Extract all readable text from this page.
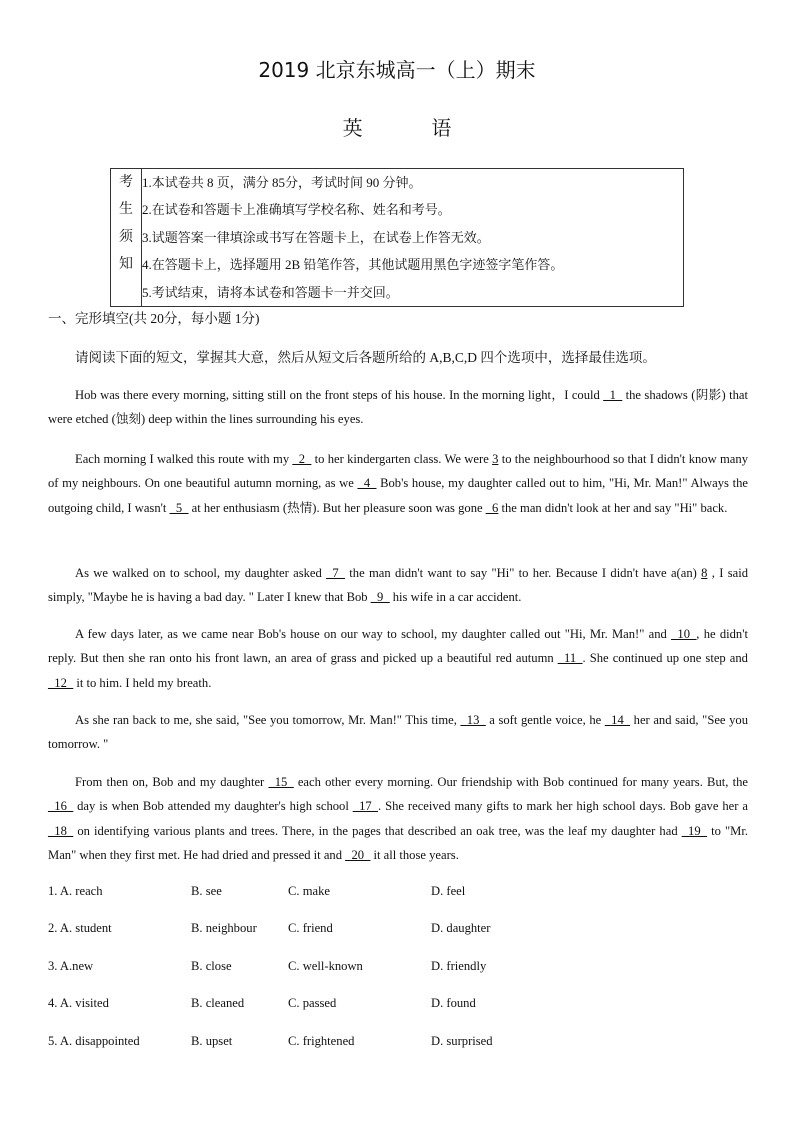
2019 北京东城高一（上）期末
英	语
考
生
须
知

1.本试卷共 8 页，满分 85分，考试时间 90 分钟。
2.在试卷和答题卡上准确填写学校名称、姓名和考号。
3.试题答案一律填涂或书写在答题卡上，在试卷上作答无效。
4.在答题卡上，选择题用 2B 铅笔作答，其他试题用黑色字迹签字笔作答。
5.考试结束，请将本试卷和答题卡一并交回。
一、完形填空(共 20分，每小题 1分)
请阅读下面的短文，掌握其大意，然后从短文后各题所给的 A,B,C,D 四个选项中，选择最佳选项。
Hob was there every morning, sitting still on the front steps of his house. In the morning light，I could _1_ the shadows (阴影) that were etched (蚀刻) deep within the lines surrounding his eyes.
Each morning I walked this route with my _2_ to her kindergarten class. We were 3 to the neighbourhood so that I didn't know many of my neighbours. On one beautiful autumn morning, as we _4_ Bob's house, my daughter called out to him, "Hi, Mr. Man!" Always the outgoing child, I wasn't _5_ at her enthusiasm (热情). But her pleasure soon was gone _6 the man didn't look at her and say "Hi" back.
As we walked on to school, my daughter asked _7_ the man didn't want to say "Hi" to her. Because I didn't have a(an) 8 , I said simply, "Maybe he is having a bad day. " Later I knew that Bob _9_ his wife in a car accident.
A few days later, as we came near Bob's house on our way to school, my daughter called out "Hi, Mr. Man!" and _10_, he didn't reply. But then she ran onto his front lawn, an area of grass and picked up a beautiful red autumn _11_. She continued up one step and _12_ it to him. I held my breath.
As she ran back to me, she said, "See you tomorrow, Mr. Man!" This time, _13_ a soft gentle voice, he _14_ her and said, "See you tomorrow. "
From then on, Bob and my daughter _15_ each other every morning. Our friendship with Bob continued for many years. But, the _16_ day is when Bob attended my daughter's high school _17_. She received many gifts to mark her high school days. Bob gave her a _18_ on identifying various plants and trees. There, in the pages that described an oak tree, was the leaf my daughter had _19_ to "Mr. Man" when they first met. He had dried and pressed it and _20_ it all those years.
1. A. reach	B. see	C. make	D. feel
2. A. student	B. neighbour C. friend	D. daughter
3. A.new	B. close	C. well-known	D. friendly
4. A. visited	B. cleaned	C. passed	D. found
5. A. disappointed	B. upset	C. frightened	D. surprised
